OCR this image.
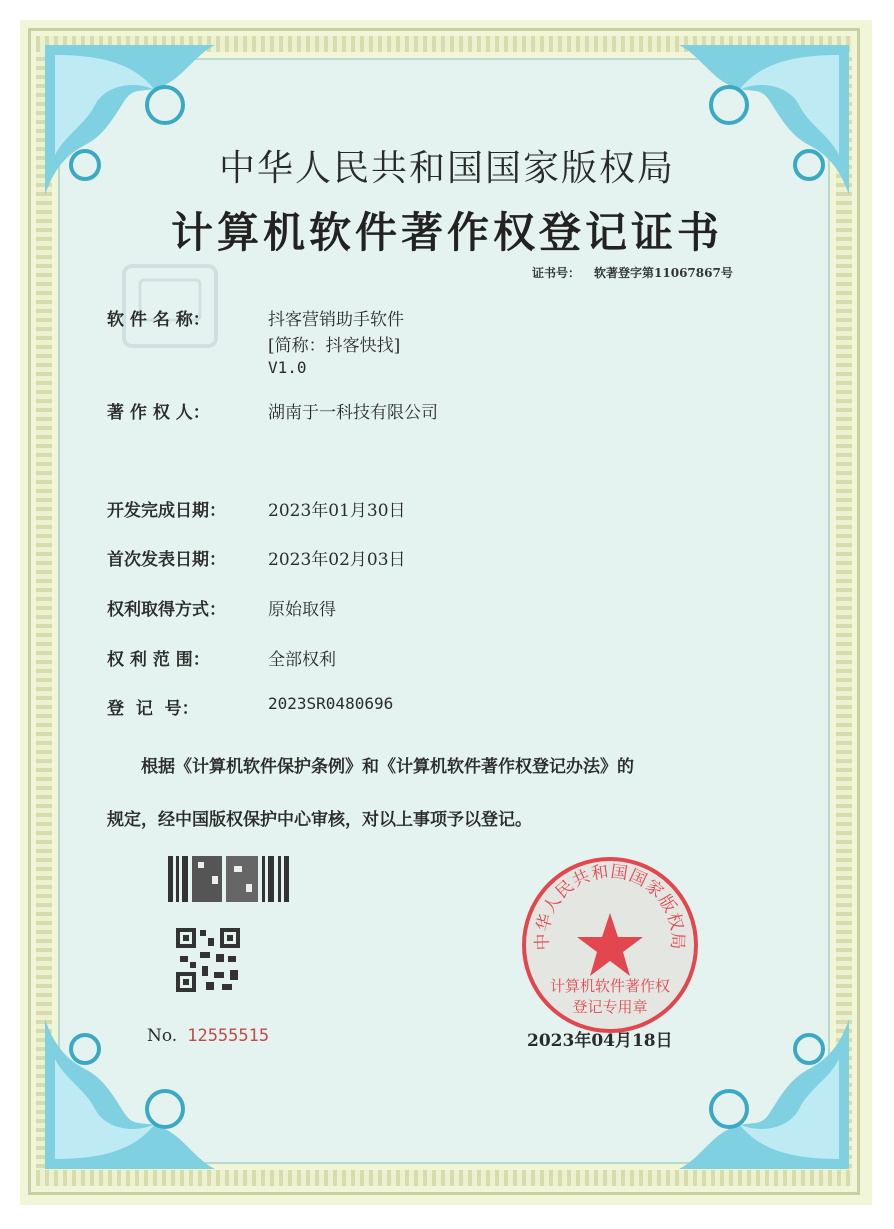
中华人民共和国国家版权局
计算机软件著作权登记证书
证书号： 软著登字第11067867号
软 件 名 称：	抖客营销助手软件
[简称：抖客快找]
V1.0
著 作 权 人：	湖南于一科技有限公司
开发完成日期：	2023年01月30日
首次发表日期：	2023年02月03日
权利取得方式：	原始取得
权 利 范 围：	全部权利
登  记  号：	2023SR0480696
根据《计算机软件保护条例》和《计算机软件著作权登记办法》的
规定，经中国版权保护中心审核，对以上事项予以登记。
No. 12555515	2023年04月18日
中华人民共和国国家版权局
计算机软件著作权
登记专用章
